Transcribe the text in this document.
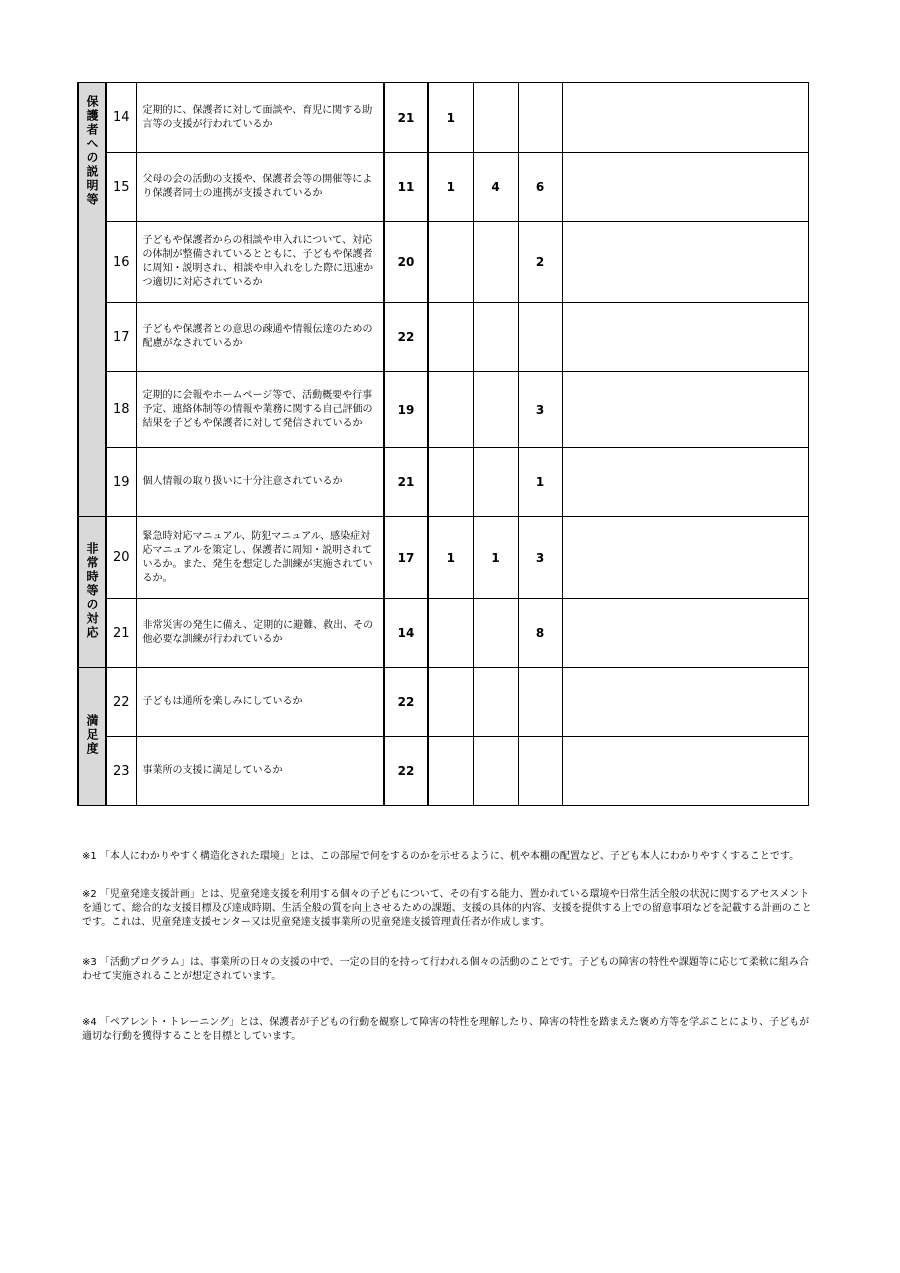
保護者への説明等	14	定期的に、保護者に対して面談や、育児に関する助言等の支援が行われているか	21	1			
	15	父母の会の活動の支援や、保護者会等の開催等により保護者同士の連携が支援されているか	11	1	4	6	
	16	子どもや保護者からの相談や申入れについて、対応の体制が整備されているとともに、子どもや保護者に周知・説明され、相談や申入れをした際に迅速かつ適切に対応されているか	20			2	
	17	子どもや保護者との意思の疎通や情報伝達のための配慮がなされているか	22				
	18	定期的に会報やホームページ等で、活動概要や行事予定、連絡体制等の情報や業務に関する自己評価の結果を子どもや保護者に対して発信されているか	19			3	
	19	個人情報の取り扱いに十分注意されているか	21			1	
非常時等の対応	20	緊急時対応マニュアル、防犯マニュアル、感染症対応マニュアルを策定し、保護者に周知・説明されているか。また、発生を想定した訓練が実施されているか。	17	1	1	3	
	21	非常災害の発生に備え、定期的に避難、救出、その他必要な訓練が行われているか	14			8	
満足度	22	子どもは通所を楽しみにしているか	22				
	23	事業所の支援に満足しているか	22				
※1 「本人にわかりやすく構造化された環境」とは、この部屋で何をするのかを示せるように、机や本棚の配置など、子ども本人にわかりやすくすることです。
※2 「児童発達支援計画」とは、児童発達支援を利用する個々の子どもについて、その有する能力、置かれている環境や日常生活全般の状況に関するアセスメントを通じて、総合的な支援目標及び達成時期、生活全般の質を向上させるための課題、支援の具体的内容、支援を提供する上での留意事項などを記載する計画のことです。これは、児童発達支援センター又は児童発達支援事業所の児童発達支援管理責任者が作成します。
※3 「活動プログラム」は、事業所の日々の支援の中で、一定の目的を持って行われる個々の活動のことです。子どもの障害の特性や課題等に応じて柔軟に組み合わせて実施されることが想定されています。
※4 「ペアレント・トレーニング」とは、保護者が子どもの行動を観察して障害の特性を理解したり、障害の特性を踏まえた褒め方等を学ぶことにより、子どもが適切な行動を獲得することを目標としています。
